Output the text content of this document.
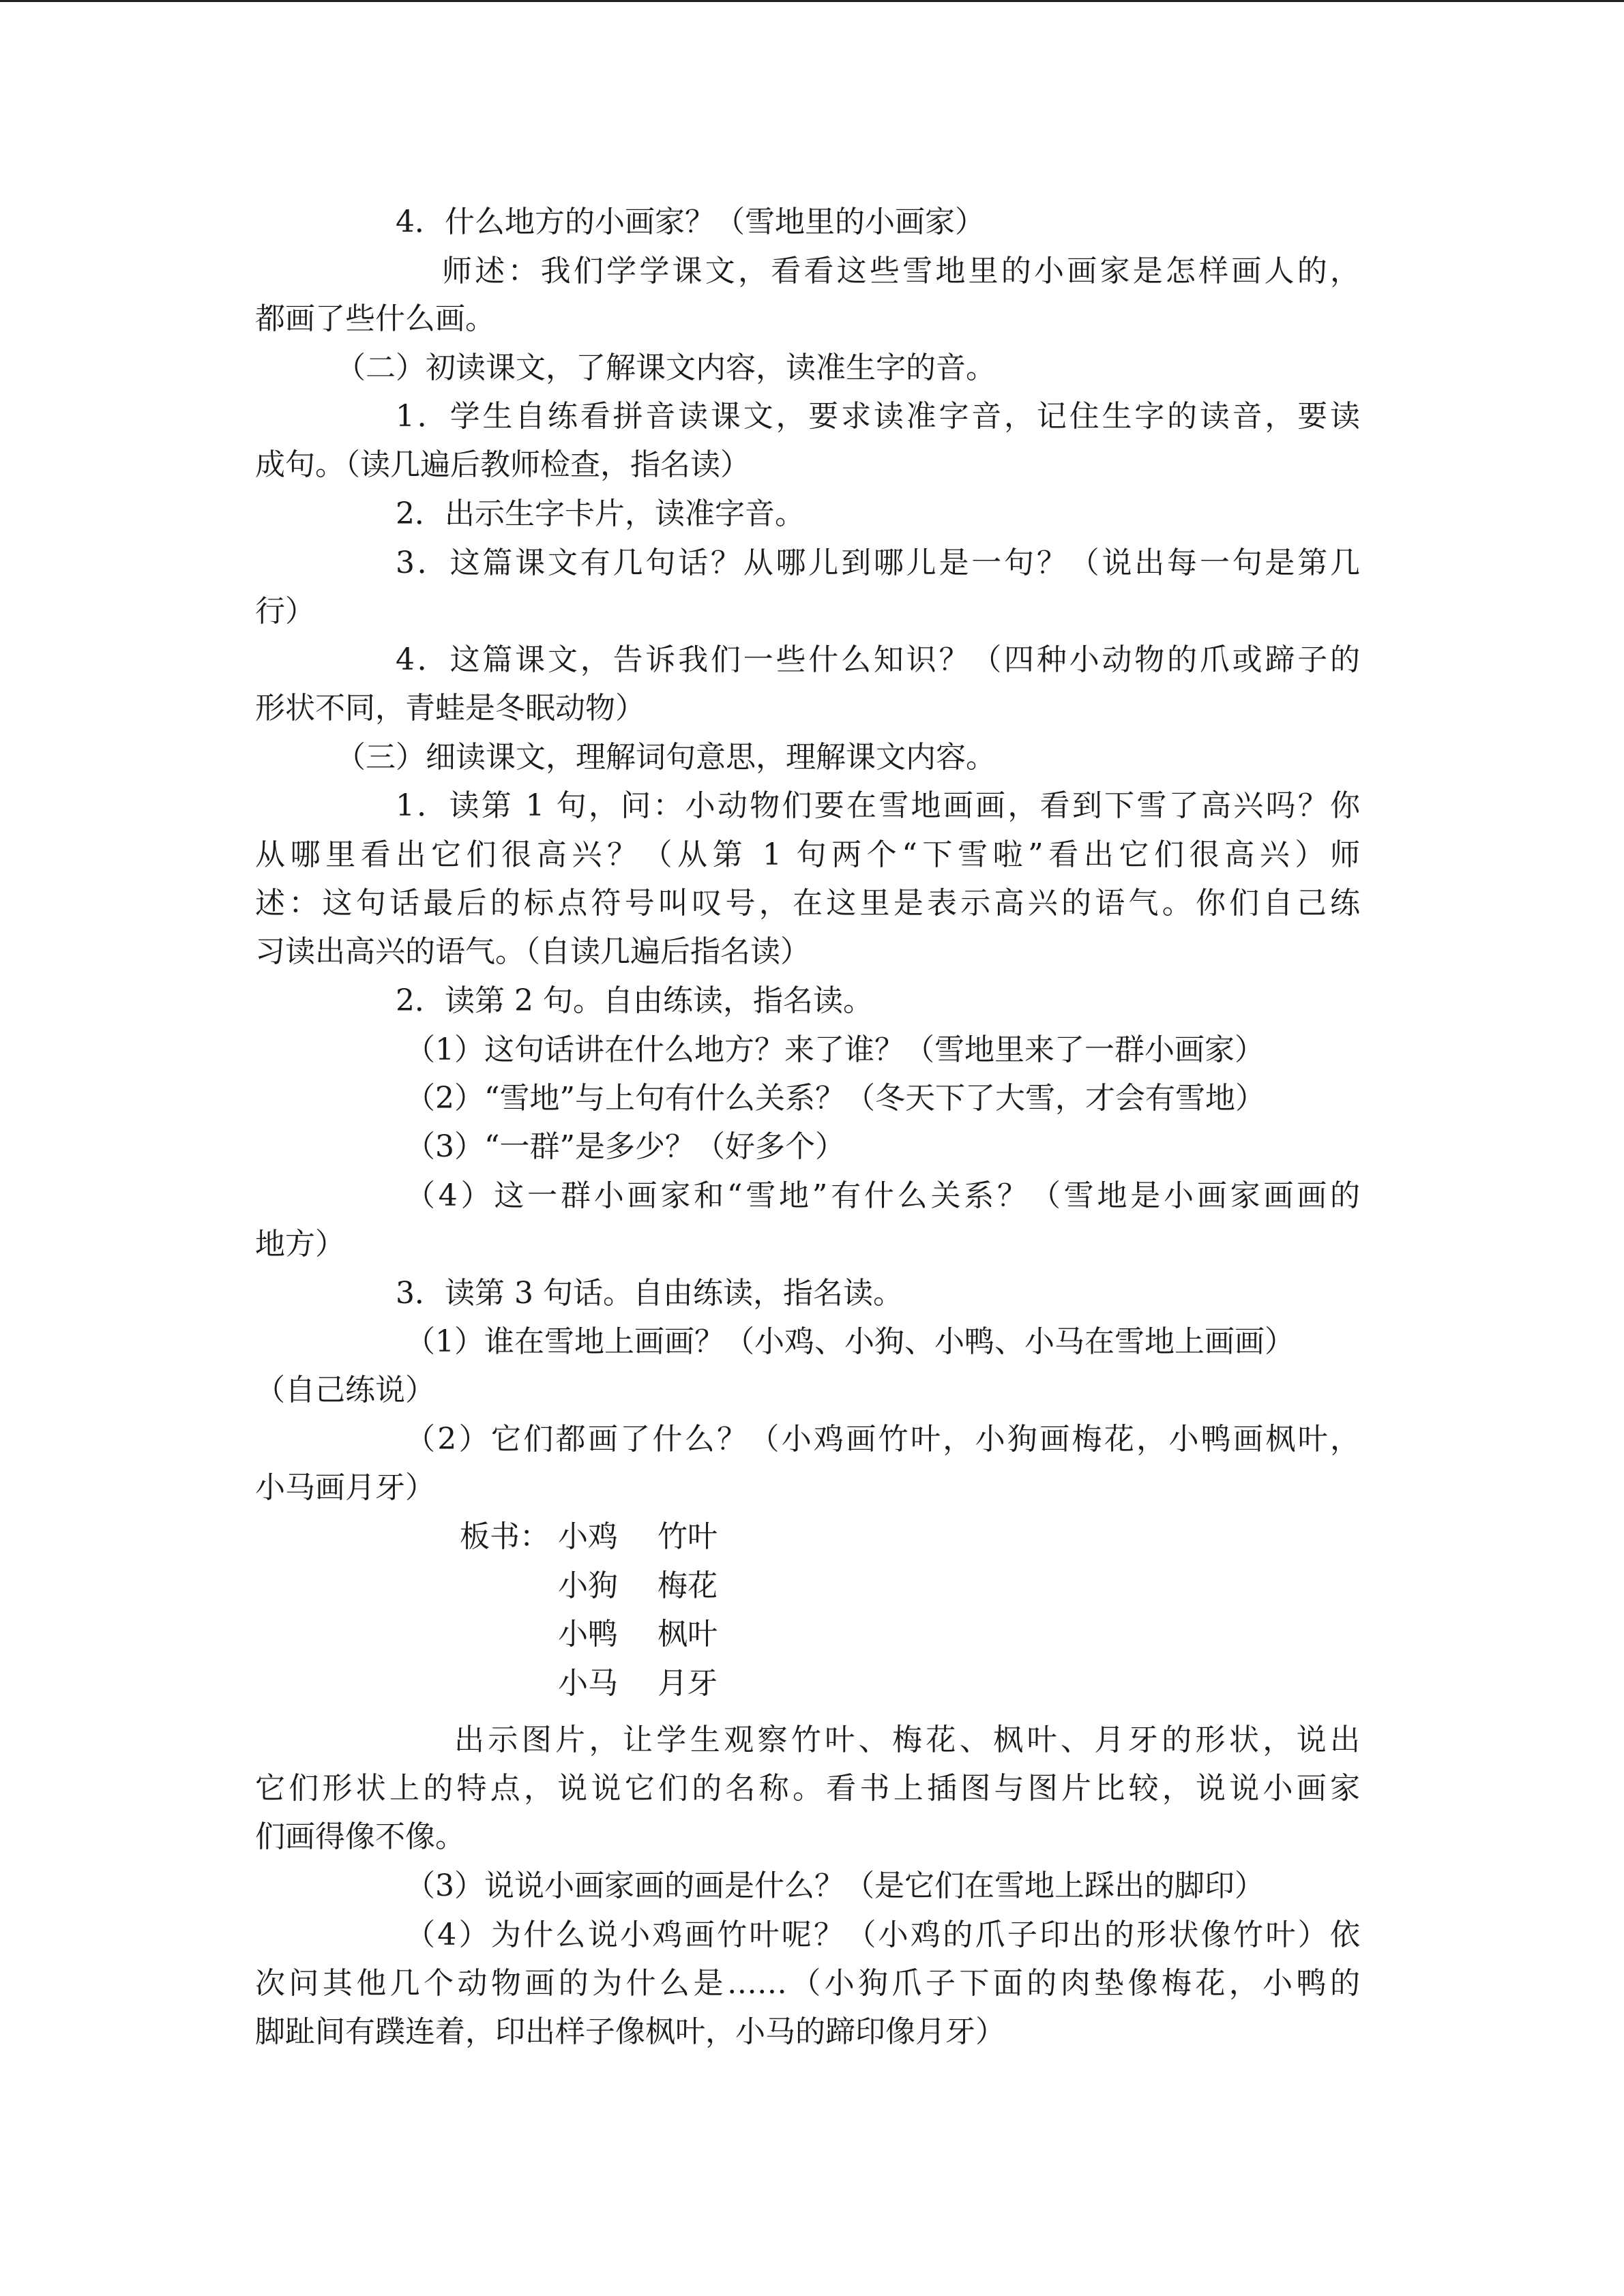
4．什么地方的小画家？（雪地里的小画家）
师述：我们学学课文，看看这些雪地里的小画家是怎样画人的，
都画了些什么画。
（二）初读课文，了解课文内容，读准生字的音。
1．学生自练看拼音读课文，要求读准字音，记住生字的读音，要读
成句。（读几遍后教师检查，指名读）
2．出示生字卡片，读准字音。
3．这篇课文有几句话？从哪儿到哪儿是一句？（说出每一句是第几
行）
4．这篇课文，告诉我们一些什么知识？（四种小动物的爪或蹄子的
形状不同，青蛙是冬眠动物）
（三）细读课文，理解词句意思，理解课文内容。
1．读第 1 句，问：小动物们要在雪地画画，看到下雪了高兴吗？你
从哪里看出它们很高兴？（从第 1 句两个“下雪啦”看出它们很高兴）师
述：这句话最后的标点符号叫叹号，在这里是表示高兴的语气。你们自己练
习读出高兴的语气。（自读几遍后指名读）
2．读第 2 句。自由练读，指名读。
（1）这句话讲在什么地方？来了谁？（雪地里来了一群小画家）
（2）“雪地”与上句有什么关系？（冬天下了大雪，才会有雪地）
（3）“一群”是多少？（好多个）
（4）这一群小画家和“雪地”有什么关系？（雪地是小画家画画的
地方）
3．读第 3 句话。自由练读，指名读。
（1）谁在雪地上画画？（小鸡、小狗、小鸭、小马在雪地上画画）
（自己练说）
（2）它们都画了什么？（小鸡画竹叶，小狗画梅花，小鸭画枫叶，
小马画月牙）
板书： 小鸡 竹叶
小狗 梅花
小鸭 枫叶
小马 月牙
出示图片，让学生观察竹叶、梅花、枫叶、月牙的形状，说出
它们形状上的特点，说说它们的名称。看书上插图与图片比较，说说小画家
们画得像不像。
（3）说说小画家画的画是什么？（是它们在雪地上踩出的脚印）
（4）为什么说小鸡画竹叶呢？（小鸡的爪子印出的形状像竹叶）依
次问其他几个动物画的为什么是……（小狗爪子下面的肉垫像梅花，小鸭的
脚趾间有蹼连着，印出样子像枫叶，小马的蹄印像月牙）
